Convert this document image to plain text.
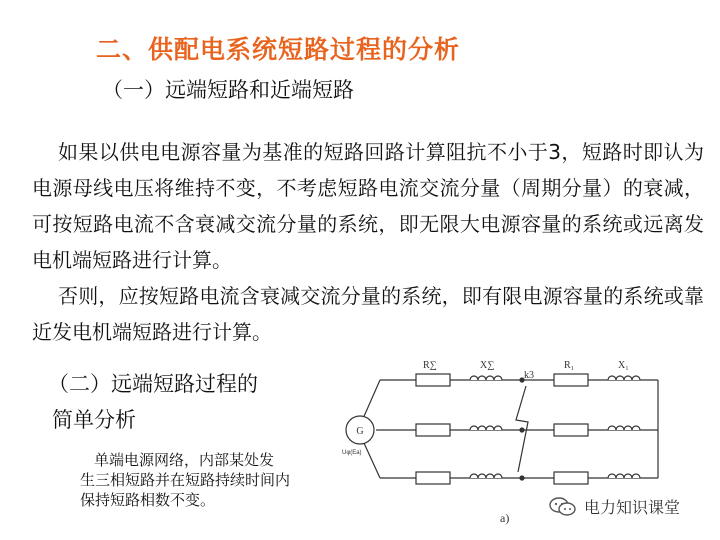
二、供配电系统短路过程的分析
（一）远端短路和近端短路
如果以供电电源容量为基准的短路回路计算阻抗不小于3，短路时即认为电源母线电压将维持不变，不考虑短路电流交流分量（周期分量）的衰减，可按短路电流不含衰减交流分量的系统，即无限大电源容量的系统或远离发电机端短路进行计算。
否则，应按短路电流含衰减交流分量的系统，即有限电源容量的系统或靠近发电机端短路进行计算。
（二）远端短路过程的
简单分析
单端电源网络，内部某处发
生三相短路并在短路持续时间内
保持短路相数不变。
G
Uφ(Ea)
R∑	X∑
k3
R₁	X₁
a)
电力知识课堂
